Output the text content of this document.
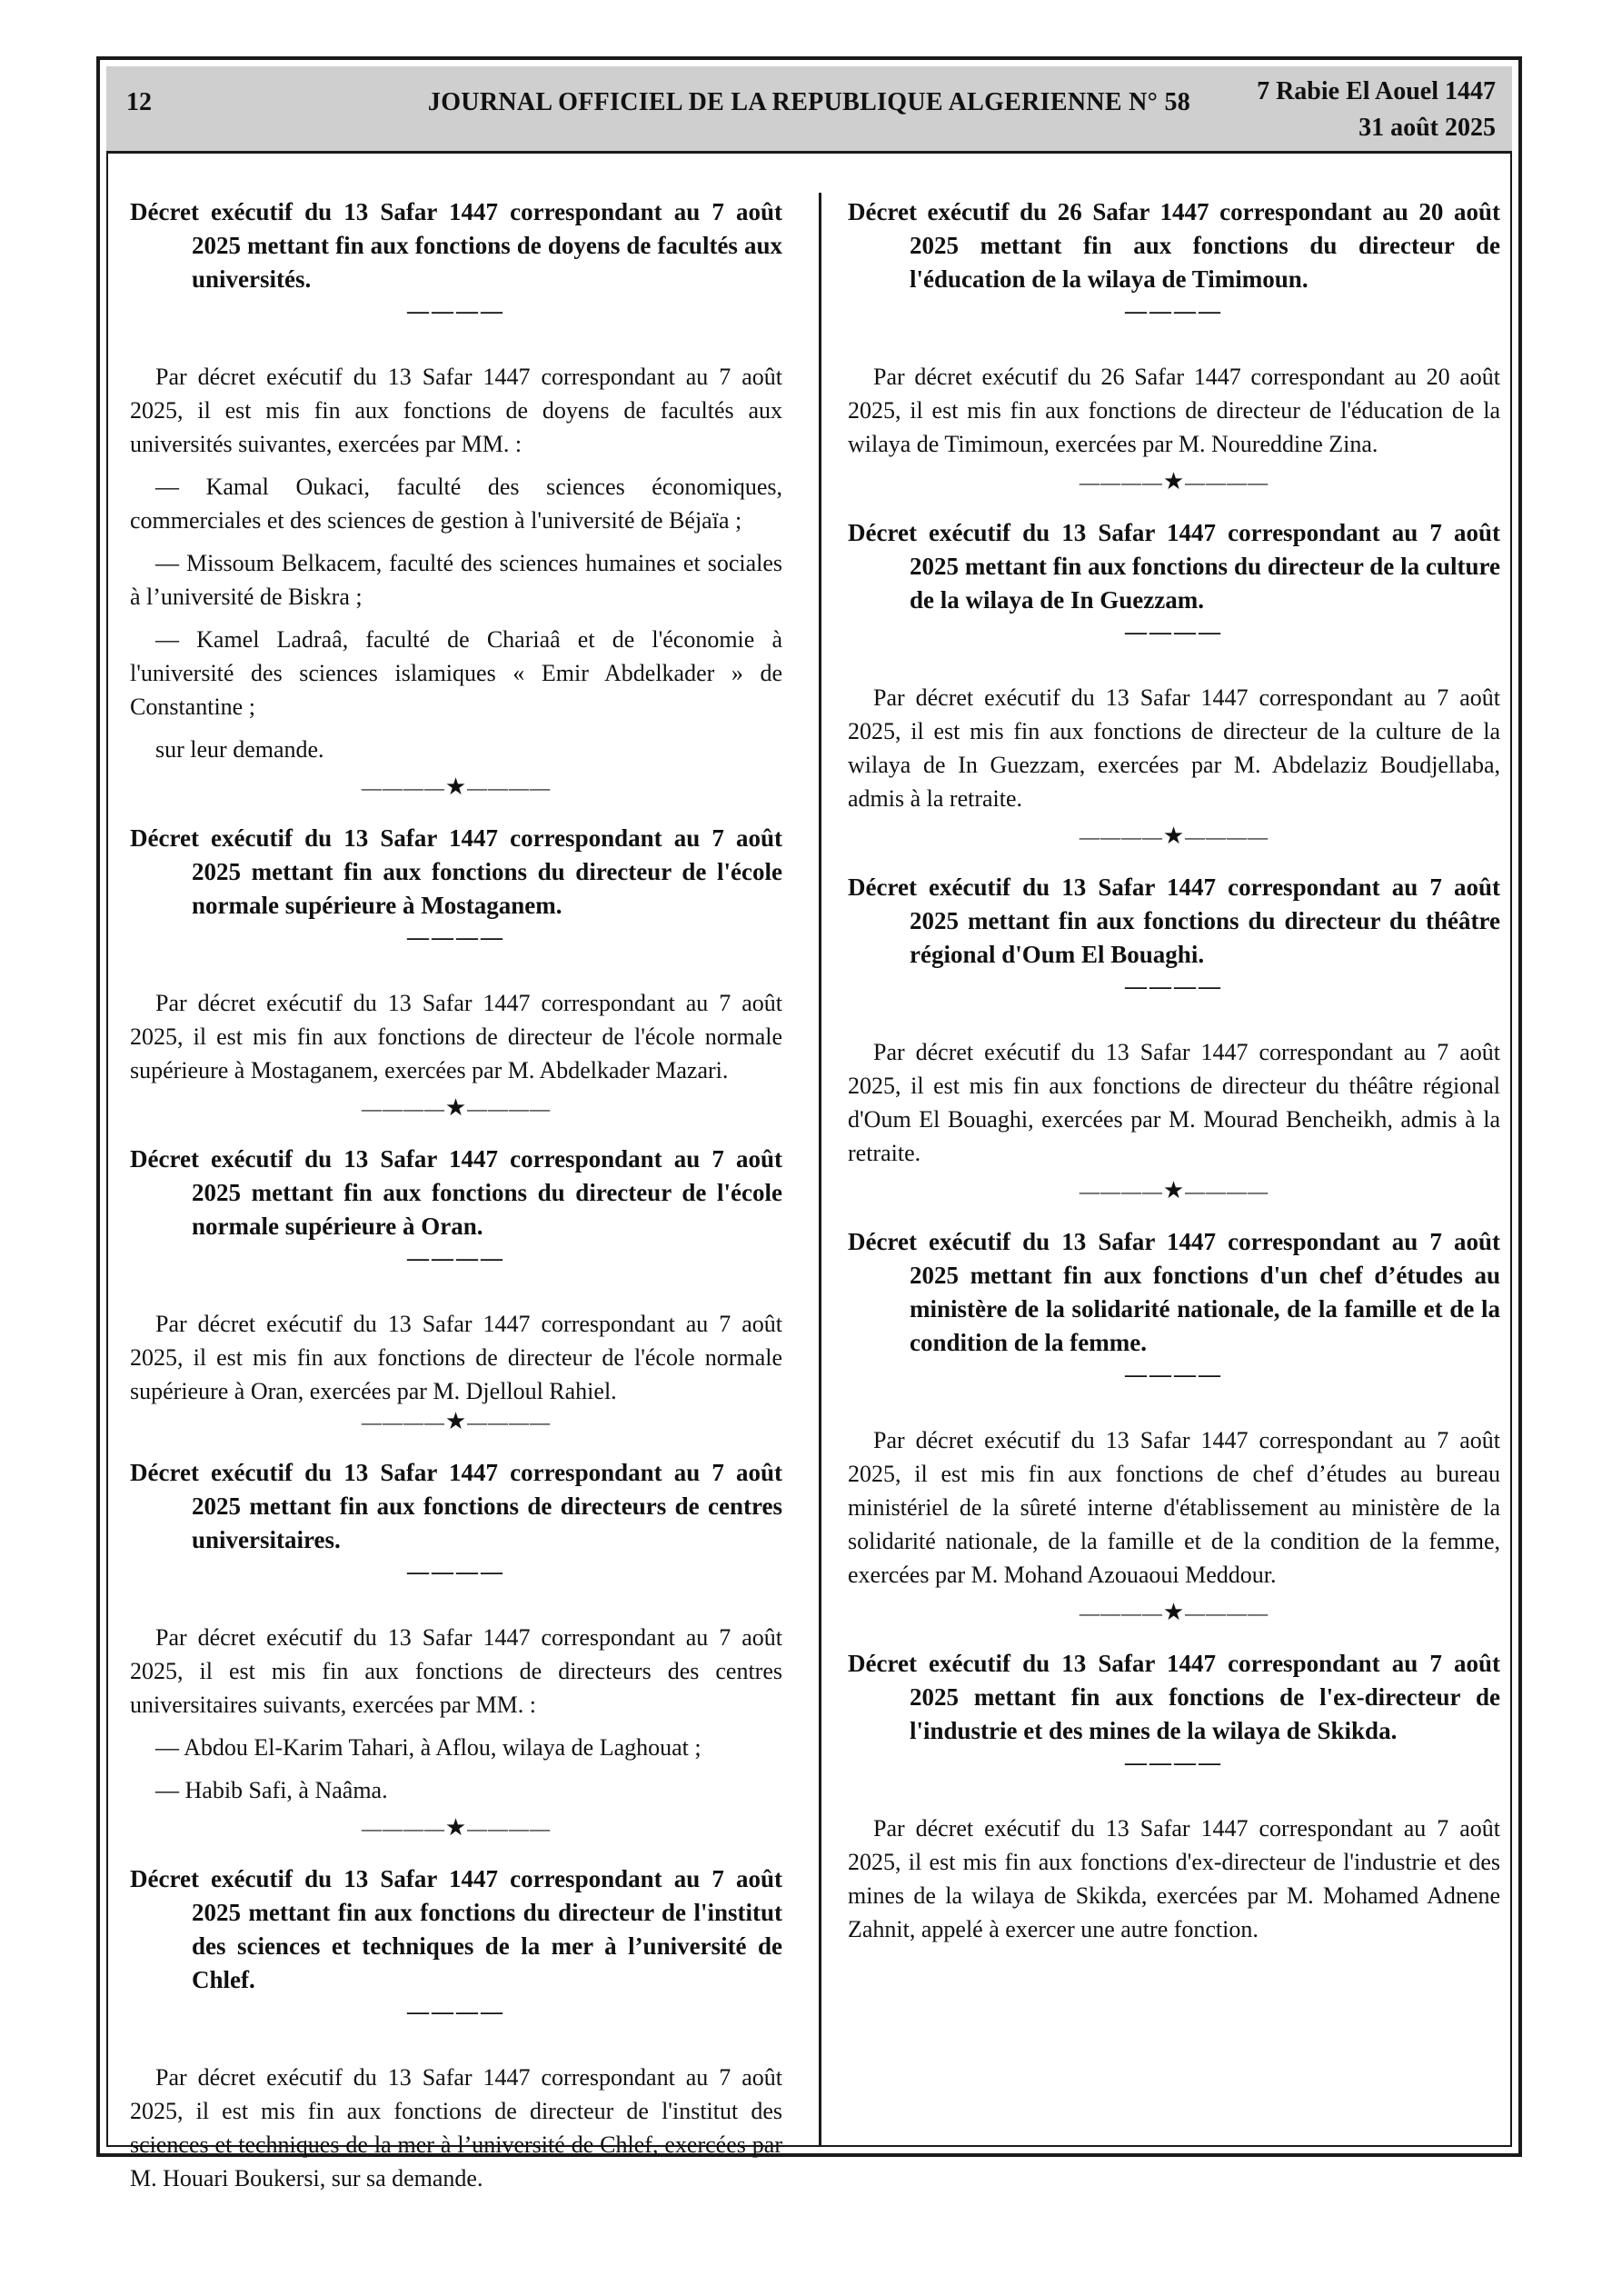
12	JOURNAL OFFICIEL DE LA REPUBLIQUE ALGERIENNE N° 58	7 Rabie El Aouel 1447
31 août 2025

Décret exécutif du 13 Safar 1447 correspondant au 7 août 2025 mettant fin aux fonctions de doyens de facultés aux universités.

————

Par décret exécutif du 13 Safar 1447 correspondant au 7 août 2025, il est mis fin aux fonctions de doyens de facultés aux universités suivantes, exercées par MM. :

— Kamal Oukaci, faculté des sciences économiques, commerciales et des sciences de gestion à l'université de Béjaïa ;

— Missoum Belkacem, faculté des sciences humaines et sociales à l’université de Biskra ;

— Kamel Ladraâ, faculté de Chariaâ et de l'économie à l'université des sciences islamiques « Emir Abdelkader » de Constantine ;

sur leur demande.

————★————

Décret exécutif du 13 Safar 1447 correspondant au 7 août 2025 mettant fin aux fonctions du directeur de l'école normale supérieure à Mostaganem.

————

Par décret exécutif du 13 Safar 1447 correspondant au 7 août 2025, il est mis fin aux fonctions de directeur de l'école normale supérieure à Mostaganem, exercées par M. Abdelkader Mazari.

————★————

Décret exécutif du 13 Safar 1447 correspondant au 7 août 2025 mettant fin aux fonctions du directeur de l'école normale supérieure à Oran.

————

Par décret exécutif du 13 Safar 1447 correspondant au 7 août 2025, il est mis fin aux fonctions de directeur de l'école normale supérieure à Oran, exercées par M. Djelloul Rahiel.

————★————

Décret exécutif du 13 Safar 1447 correspondant au 7 août 2025 mettant fin aux fonctions de directeurs de centres universitaires.

————

Par décret exécutif du 13 Safar 1447 correspondant au 7 août 2025, il est mis fin aux fonctions de directeurs des centres universitaires suivants, exercées par MM. :

— Abdou El-Karim Tahari, à Aflou, wilaya de Laghouat ;

— Habib Safi, à Naâma.

————★————

Décret exécutif du 13 Safar 1447 correspondant au 7 août 2025 mettant fin aux fonctions du directeur de l'institut des sciences et techniques de la mer à l’université de Chlef.

————

Par décret exécutif du 13 Safar 1447 correspondant au 7 août 2025, il est mis fin aux fonctions de directeur de l'institut des sciences et techniques de la mer à l’université de Chlef, exercées par M. Houari Boukersi, sur sa demande.

Décret exécutif du 26 Safar 1447 correspondant au 20 août 2025 mettant fin aux fonctions du directeur de l'éducation de la wilaya de Timimoun.

————

Par décret exécutif du 26 Safar 1447 correspondant au 20 août 2025, il est mis fin aux fonctions de directeur de l'éducation de la wilaya de Timimoun, exercées par M. Noureddine Zina.

————★————

Décret exécutif du 13 Safar 1447 correspondant au 7 août 2025 mettant fin aux fonctions du directeur de la culture de la wilaya de In Guezzam.

————

Par décret exécutif du 13 Safar 1447 correspondant au 7 août 2025, il est mis fin aux fonctions de directeur de la culture de la wilaya de In Guezzam, exercées par M. Abdelaziz Boudjellaba, admis à la retraite.

————★————

Décret exécutif du 13 Safar 1447 correspondant au 7 août 2025 mettant fin aux fonctions du directeur du théâtre régional d'Oum El Bouaghi.

————

Par décret exécutif du 13 Safar 1447 correspondant au 7 août 2025, il est mis fin aux fonctions de directeur du théâtre régional d'Oum El Bouaghi, exercées par M. Mourad Bencheikh, admis à la retraite.

————★————

Décret exécutif du 13 Safar 1447 correspondant au 7 août 2025 mettant fin aux fonctions d'un chef d’études au ministère de la solidarité nationale, de la famille et de la condition de la femme.

————

Par décret exécutif du 13 Safar 1447 correspondant au 7 août 2025, il est mis fin aux fonctions de chef d’études au bureau ministériel de la sûreté interne d'établissement au ministère de la solidarité nationale, de la famille et de la condition de la femme, exercées par M. Mohand Azouaoui Meddour.

————★————

Décret exécutif du 13 Safar 1447 correspondant au 7 août 2025 mettant fin aux fonctions de l'ex-directeur de l'industrie et des mines de la wilaya de Skikda.

————

Par décret exécutif du 13 Safar 1447 correspondant au 7 août 2025, il est mis fin aux fonctions d'ex-directeur de l'industrie et des mines de la wilaya de Skikda, exercées par M. Mohamed Adnene Zahnit, appelé à exercer une autre fonction.
